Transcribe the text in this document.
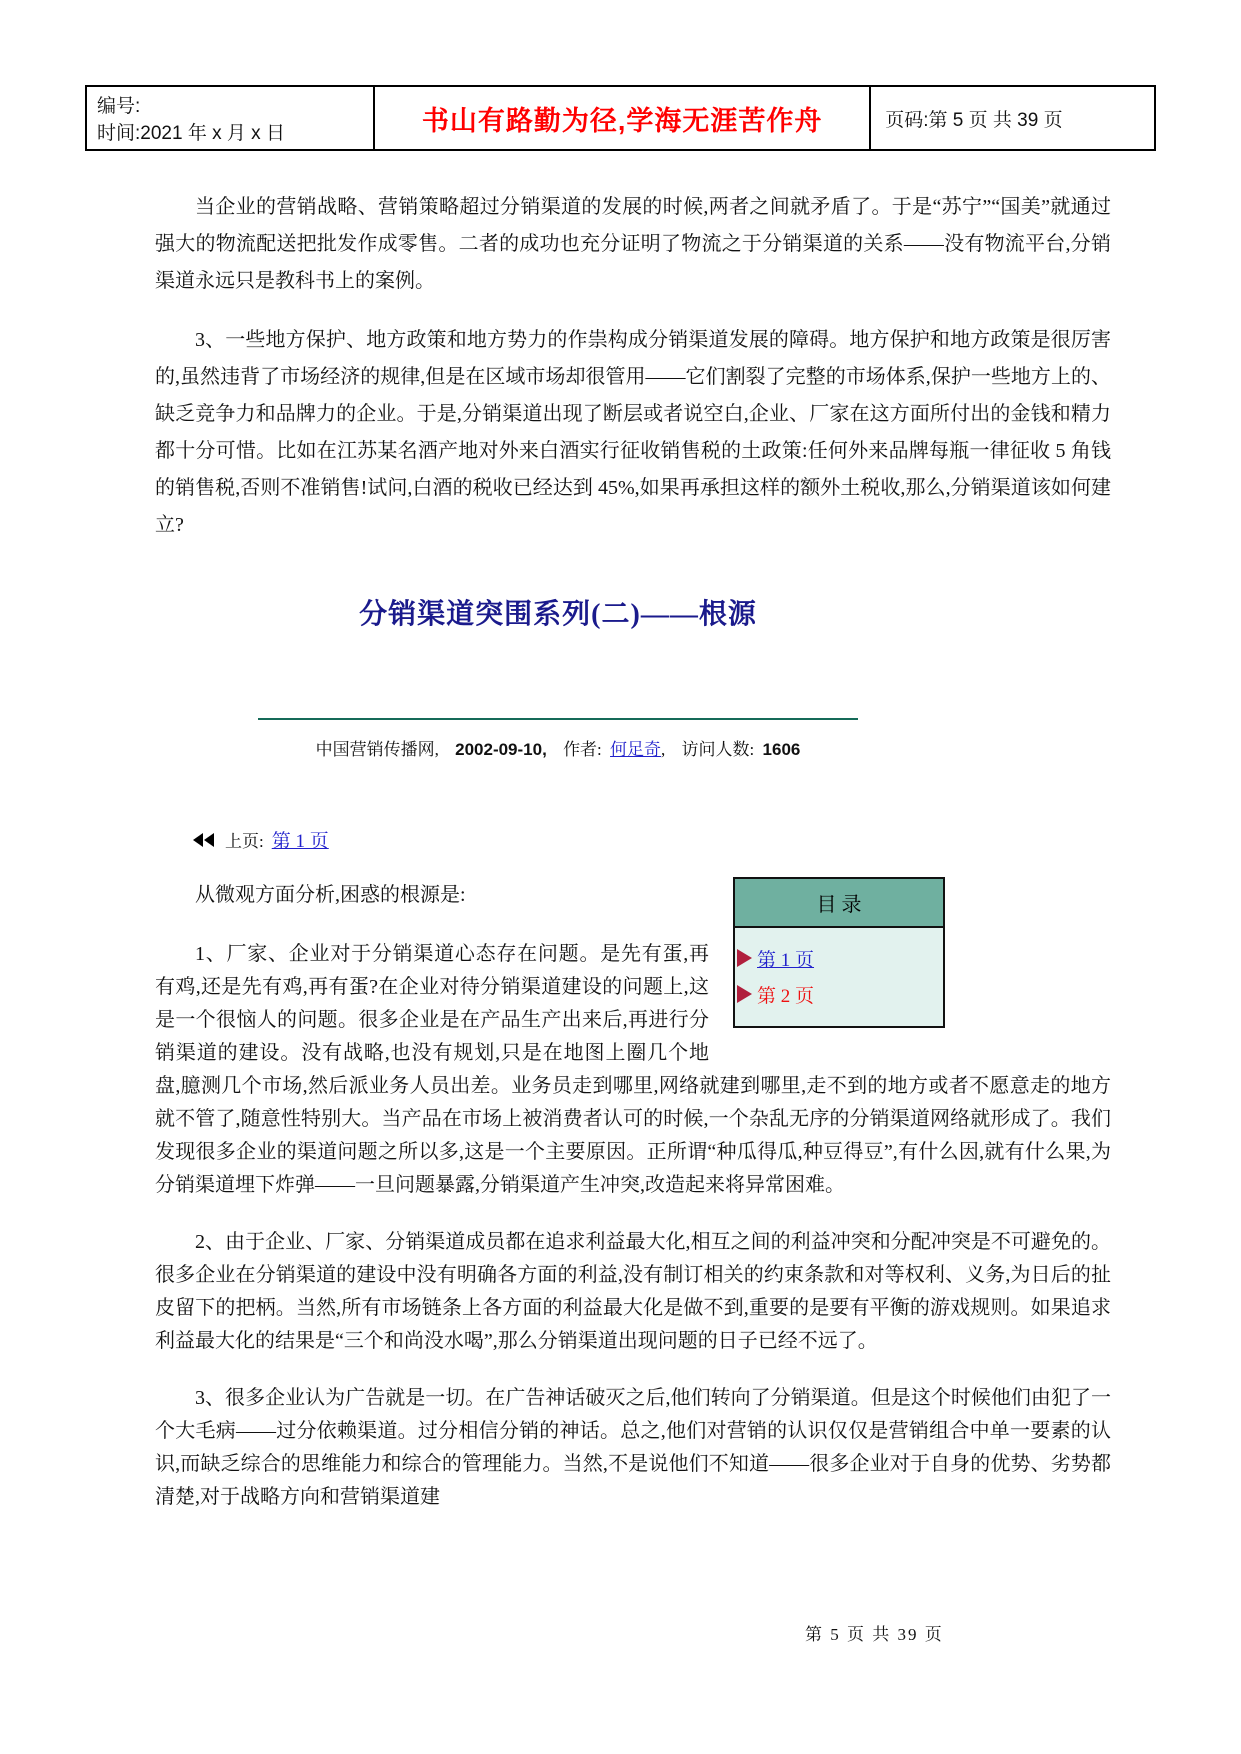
编号:
时间:2021 年 x 月 x 日	书山有路勤为径,学海无涯苦作舟	页码:第 5 页 共 39 页

当企业的营销战略、营销策略超过分销渠道的发展的时候,两者之间就矛盾了。于是“苏宁”“国美”就通过强大的物流配送把批发作成零售。二者的成功也充分证明了物流之于分销渠道的关系——没有物流平台,分销渠道永远只是教科书上的案例。

3、一些地方保护、地方政策和地方势力的作祟构成分销渠道发展的障碍。地方保护和地方政策是很厉害的,虽然违背了市场经济的规律,但是在区域市场却很管用——它们割裂了完整的市场体系,保护一些地方上的、缺乏竞争力和品牌力的企业。于是,分销渠道出现了断层或者说空白,企业、厂家在这方面所付出的金钱和精力都十分可惜。比如在江苏某名酒产地对外来白酒实行征收销售税的土政策:任何外来品牌每瓶一律征收 5 角钱的销售税,否则不准销售!试问,白酒的税收已经达到 45%,如果再承担这样的额外土税收,那么,分销渠道该如何建立?

分销渠道突围系列(二)——根源
中国营销传播网, 2002-09-10, 作者: 何足奇, 访问人数: 1606
上页: 第 1 页
目 录
第 1 页
第 2 页

从微观方面分析,困惑的根源是:

1、厂家、企业对于分销渠道心态存在问题。是先有蛋,再有鸡,还是先有鸡,再有蛋?在企业对待分销渠道建设的问题上,这是一个很恼人的问题。很多企业是在产品生产出来后,再进行分销渠道的建设。没有战略,也没有规划,只是在地图上圈几个地盘,臆测几个市场,然后派业务人员出差。业务员走到哪里,网络就建到哪里,走不到的地方或者不愿意走的地方就不管了,随意性特别大。当产品在市场上被消费者认可的时候,一个杂乱无序的分销渠道网络就形成了。我们发现很多企业的渠道问题之所以多,这是一个主要原因。正所谓“种瓜得瓜,种豆得豆”,有什么因,就有什么果,为分销渠道埋下炸弹——一旦问题暴露,分销渠道产生冲突,改造起来将异常困难。

2、由于企业、厂家、分销渠道成员都在追求利益最大化,相互之间的利益冲突和分配冲突是不可避免的。很多企业在分销渠道的建设中没有明确各方面的利益,没有制订相关的约束条款和对等权利、义务,为日后的扯皮留下的把柄。当然,所有市场链条上各方面的利益最大化是做不到,重要的是要有平衡的游戏规则。如果追求利益最大化的结果是“三个和尚没水喝”,那么分销渠道出现问题的日子已经不远了。

3、很多企业认为广告就是一切。在广告神话破灭之后,他们转向了分销渠道。但是这个时候他们由犯了一个大毛病——过分依赖渠道。过分相信分销的神话。总之,他们对营销的认识仅仅是营销组合中单一要素的认识,而缺乏综合的思维能力和综合的管理能力。当然,不是说他们不知道——很多企业对于自身的优势、劣势都清楚,对于战略方向和营销渠道建

第 5 页 共 39 页
